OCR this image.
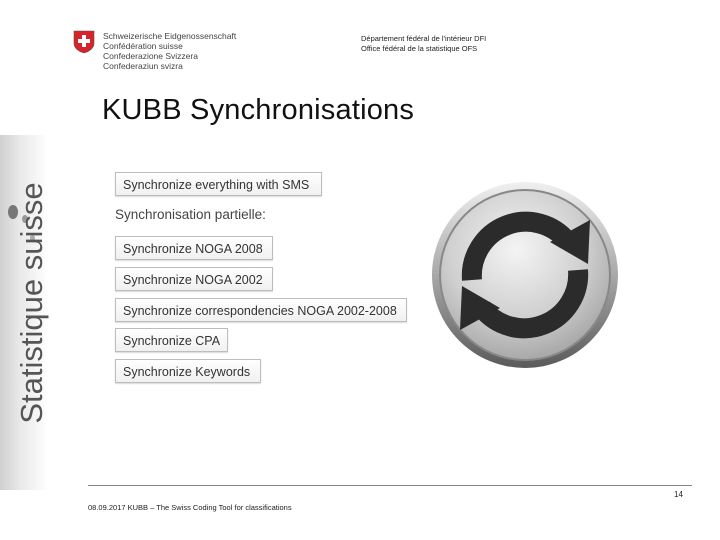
Schweizerische Eidgenossenschaft
Confédération suisse
Confederazione Svizzera
Confederaziun svizra
Département fédéral de l'intérieur DFI
Office fédéral de la statistique OFS
KUBB Synchronisations
Statistique suisse	Synchronize everything with SMS
Synchronisation partielle:
Synchronize NOGA 2008
Synchronize NOGA 2002
Synchronize correspondencies NOGA 2002-2008
Synchronize CPA
Synchronize Keywords
14
08.09.2017 KUBB – The Swiss Coding Tool for classifications
